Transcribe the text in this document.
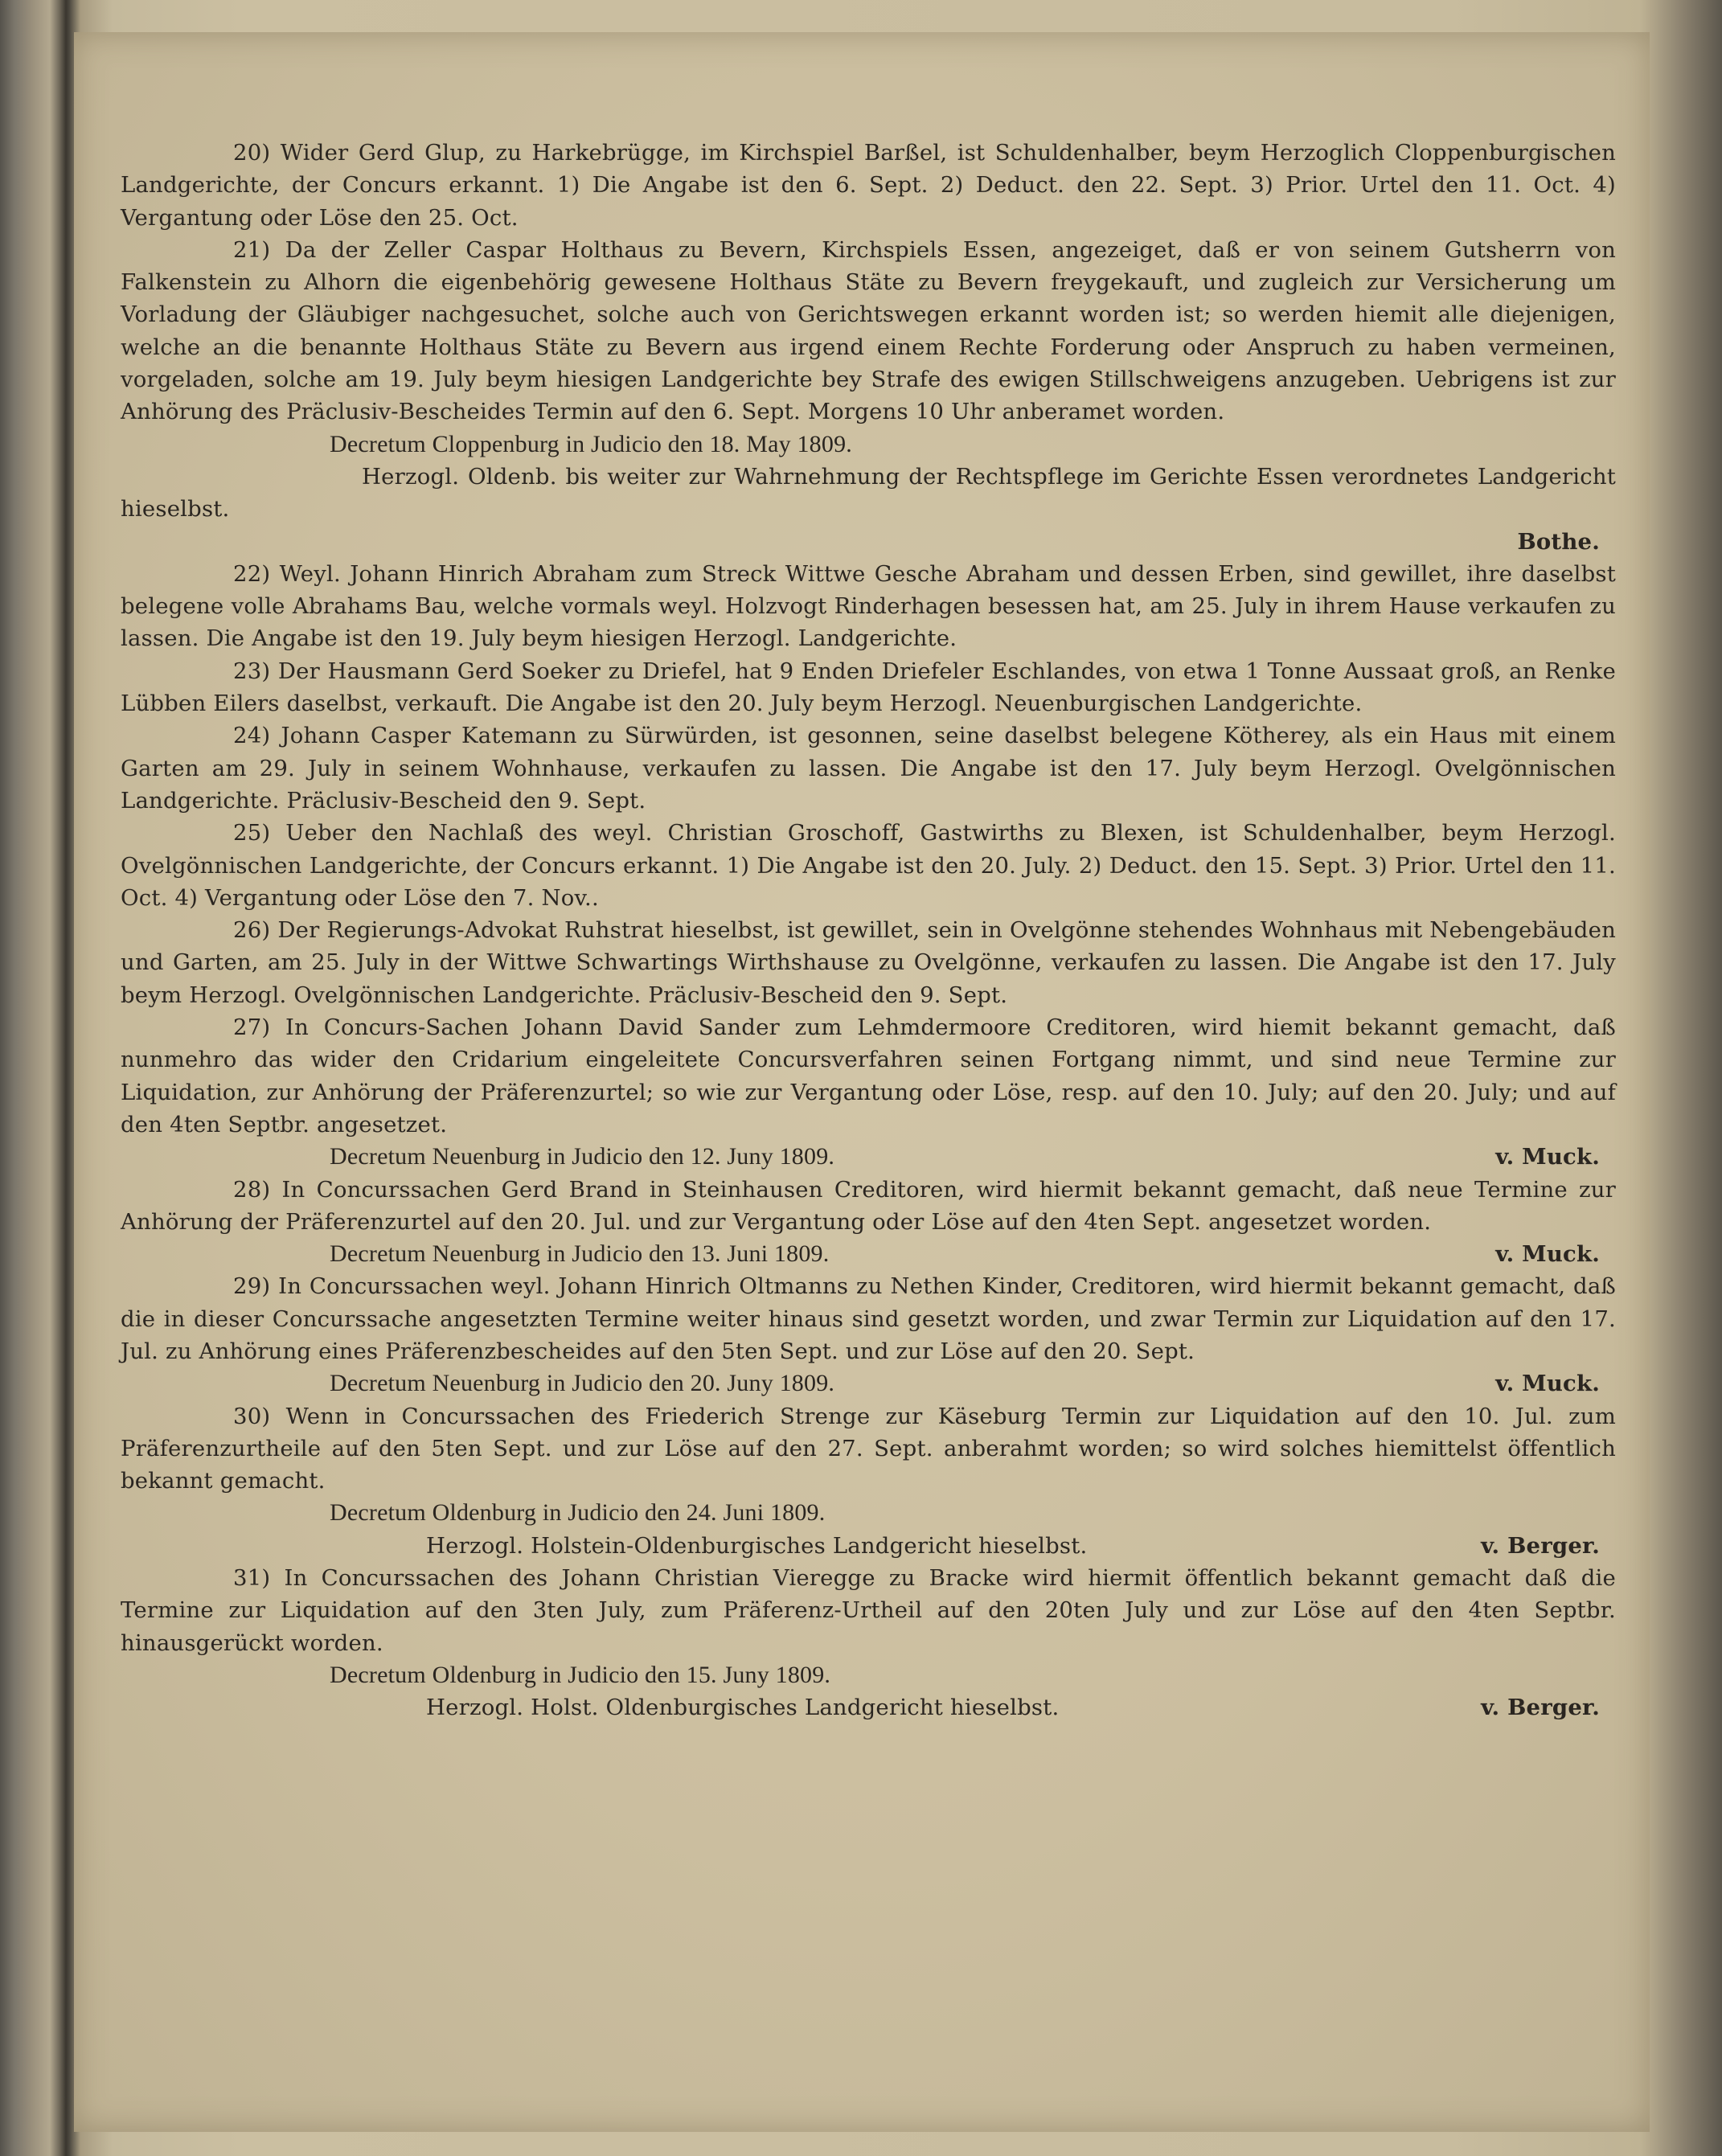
20) Wider Gerd Glup, zu Harkebrügge, im Kirchspiel Barßel, ist Schuldenhalber, beym Herzoglich Cloppenburgischen Landgerichte, der Concurs erkannt. 1) Die Angabe ist den 6. Sept. 2) Deduct. den 22. Sept. 3) Prior. Urtel den 11. Oct. 4) Vergantung oder Löse den 25. Oct.

21) Da der Zeller Caspar Holthaus zu Bevern, Kirchspiels Essen, angezeiget, daß er von seinem Gutsherrn von Falkenstein zu Alhorn die eigenbehörig gewesene Holthaus Stäte zu Bevern freygekauft, und zugleich zur Versicherung um Vorladung der Gläubiger nachgesuchet, solche auch von Gerichtswegen erkannt worden ist; so werden hiemit alle diejenigen, welche an die benannte Holthaus Stäte zu Bevern aus irgend einem Rechte Forderung oder Anspruch zu haben vermeinen, vorgeladen, solche am 19. July beym hiesigen Landgerichte bey Strafe des ewigen Stillschweigens anzugeben. Uebrigens ist zur Anhörung des Präclusiv-Bescheides Termin auf den 6. Sept. Morgens 10 Uhr anberamet worden.

Decretum Cloppenburg in Judicio den 18. May 1809.

Herzogl. Oldenb. bis weiter zur Wahrnehmung der Rechtspflege im Gerichte Essen verordnetes Landgericht hieselbst.

Bothe.

22) Weyl. Johann Hinrich Abraham zum Streck Wittwe Gesche Abraham und dessen Erben, sind gewillet, ihre daselbst belegene volle Abrahams Bau, welche vormals weyl. Holzvogt Rinderhagen besessen hat, am 25. July in ihrem Hause verkaufen zu lassen. Die Angabe ist den 19. July beym hiesigen Herzogl. Landgerichte.

23) Der Hausmann Gerd Soeker zu Driefel, hat 9 Enden Driefeler Eschlandes, von etwa 1 Tonne Aussaat groß, an Renke Lübben Eilers daselbst, verkauft. Die Angabe ist den 20. July beym Herzogl. Neuenburgischen Landgerichte.

24) Johann Casper Katemann zu Sürwürden, ist gesonnen, seine daselbst belegene Kötherey, als ein Haus mit einem Garten am 29. July in seinem Wohnhause, verkaufen zu lassen. Die Angabe ist den 17. July beym Herzogl. Ovelgönnischen Landgerichte. Präclusiv-Bescheid den 9. Sept.

25) Ueber den Nachlaß des weyl. Christian Groschoff, Gastwirths zu Blexen, ist Schuldenhalber, beym Herzogl. Ovelgönnischen Landgerichte, der Concurs erkannt. 1) Die Angabe ist den 20. July. 2) Deduct. den 15. Sept. 3) Prior. Urtel den 11. Oct. 4) Vergantung oder Löse den 7. Nov..

26) Der Regierungs-Advokat Ruhstrat hieselbst, ist gewillet, sein in Ovelgönne stehendes Wohnhaus mit Nebengebäuden und Garten, am 25. July in der Wittwe Schwartings Wirthshause zu Ovelgönne, verkaufen zu lassen. Die Angabe ist den 17. July beym Herzogl. Ovelgönnischen Landgerichte. Präclusiv-Bescheid den 9. Sept.

27) In Concurs-Sachen Johann David Sander zum Lehmdermoore Creditoren, wird hiemit bekannt gemacht, daß nunmehro das wider den Cridarium eingeleitete Concursverfahren seinen Fortgang nimmt, und sind neue Termine zur Liquidation, zur Anhörung der Präferenzurtel; so wie zur Vergantung oder Löse, resp. auf den 10. July; auf den 20. July; und auf den 4ten Septbr. angesetzet.

Decretum Neuenburg in Judicio den 12. Juny 1809.	v. Muck.

28) In Concurssachen Gerd Brand in Steinhausen Creditoren, wird hiermit bekannt gemacht, daß neue Termine zur Anhörung der Präferenzurtel auf den 20. Jul. und zur Vergantung oder Löse auf den 4ten Sept. angesetzet worden.

Decretum Neuenburg in Judicio den 13. Juni 1809.	v. Muck.

29) In Concurssachen weyl. Johann Hinrich Oltmanns zu Nethen Kinder, Creditoren, wird hiermit bekannt gemacht, daß die in dieser Concurssache angesetzten Termine weiter hinaus sind gesetzt worden, und zwar Termin zur Liquidation auf den 17. Jul. zu Anhörung eines Präferenzbescheides auf den 5ten Sept. und zur Löse auf den 20. Sept.

Decretum Neuenburg in Judicio den 20. Juny 1809.	v. Muck.

30) Wenn in Concurssachen des Friederich Strenge zur Käseburg Termin zur Liquidation auf den 10. Jul. zum Präferenzurtheile auf den 5ten Sept. und zur Löse auf den 27. Sept. anberahmt worden; so wird solches hiemittelst öffentlich bekannt gemacht.

Decretum Oldenburg in Judicio den 24. Juni 1809.

Herzogl. Holstein-Oldenburgisches Landgericht hieselbst.	v. Berger.

31) In Concurssachen des Johann Christian Vieregge zu Bracke wird hiermit öffentlich bekannt gemacht daß die Termine zur Liquidation auf den 3ten July, zum Präferenz-Urtheil auf den 20ten July und zur Löse auf den 4ten Septbr. hinausgerückt worden.

Decretum Oldenburg in Judicio den 15. Juny 1809.

Herzogl. Holst. Oldenburgisches Landgericht hieselbst.	v. Berger.
